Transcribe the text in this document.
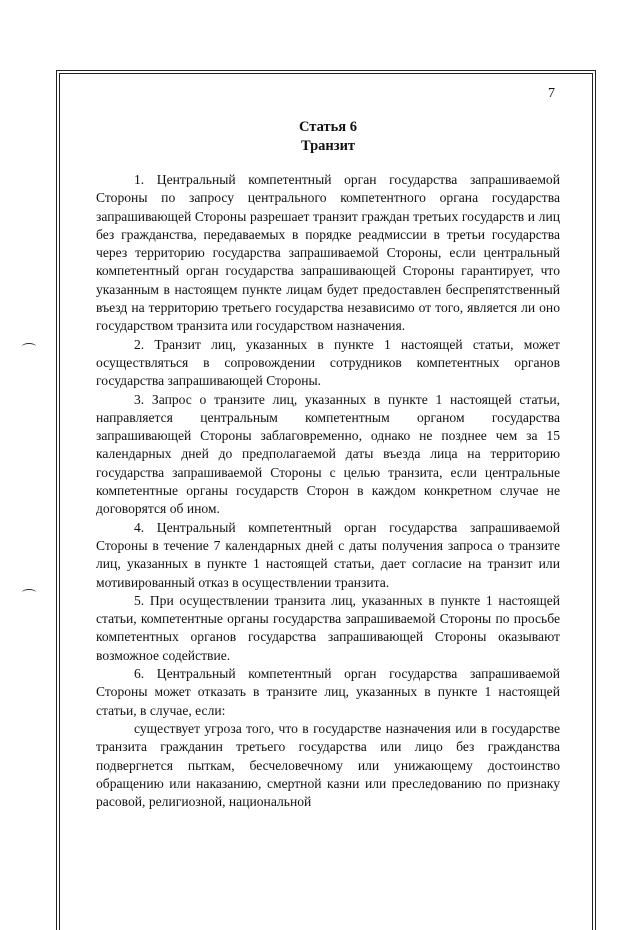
7
Статья 6
Транзит

1. Центральный компетентный орган государства запрашиваемой Стороны по запросу центрального компетентного органа государства запрашивающей Стороны разрешает транзит граждан третьих государств и лиц без гражданства, передаваемых в порядке реадмиссии в третьи государства через территорию государства запрашиваемой Стороны, если центральный компетентный орган государства запрашивающей Стороны гарантирует, что указанным в настоящем пункте лицам будет предоставлен беспрепятственный въезд на территорию третьего государства независимо от того, является ли оно государством транзита или государством назначения.

2. Транзит лиц, указанных в пункте 1 настоящей статьи, может осуществляться в сопровождении сотрудников компетентных органов государства запрашивающей Стороны.

3. Запрос о транзите лиц, указанных в пункте 1 настоящей статьи, направляется центральным компетентным органом государства запрашивающей Стороны заблаговременно, однако не позднее чем за 15 календарных дней до предполагаемой даты въезда лица на территорию государства запрашиваемой Стороны с целью транзита, если центральные компетентные органы государств Сторон в каждом конкретном случае не договорятся об ином.

4. Центральный компетентный орган государства запрашиваемой Стороны в течение 7 календарных дней с даты получения запроса о транзите лиц, указанных в пункте 1 настоящей статьи, дает согласие на транзит или мотивированный отказ в осуществлении транзита.

5. При осуществлении транзита лиц, указанных в пункте 1 настоящей статьи, компетентные органы государства запрашиваемой Стороны по просьбе компетентных органов государства запрашивающей Стороны оказывают возможное содействие.

6. Центральный компетентный орган государства запрашиваемой Стороны может отказать в транзите лиц, указанных в пункте 1 настоящей статьи, в случае, если:

существует угроза того, что в государстве назначения или в государстве транзита гражданин третьего государства или лицо без гражданства подвергнется пыткам, бесчеловечному или унижающему достоинство обращению или наказанию, смертной казни или преследованию по признаку расовой, религиозной, национальной
